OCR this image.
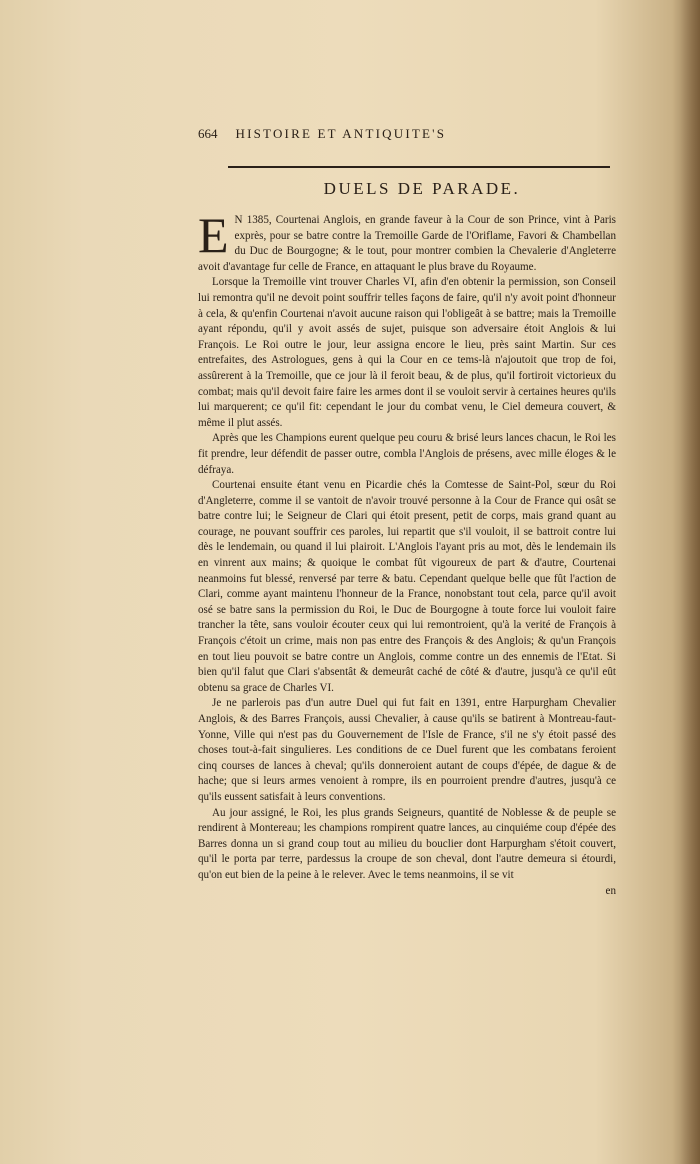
664 HISTOIRE ET ANTIQUITE'S
DUELS DE PARADE.

E N 1385, Courtenai Anglois, en grande faveur à la Cour de son Prince, vint à Paris exprès, pour se batre contre la Tremoille Garde de l'Oriflame, Favori & Chambellan du Duc de Bourgogne; & le tout, pour montrer combien la Chevalerie d'Angleterre avoit d'avantage fur celle de France, en attaquant le plus brave du Royaume.

Lorsque la Tremoille vint trouver Charles VI, afin d'en obtenir la permission, son Conseil lui remontra qu'il ne devoit point souffrir telles façons de faire, qu'il n'y avoit point d'honneur à cela, & qu'enfin Courtenai n'avoit aucune raison qui l'obligeât à se battre; mais la Tremoille ayant répondu, qu'il y avoit assés de sujet, puisque son adversaire étoit Anglois & lui François. Le Roi outre le jour, leur assigna encore le lieu, près saint Martin. Sur ces entrefaites, des Astrologues, gens à qui la Cour en ce tems-là n'ajoutoit que trop de foi, assûrerent à la Tremoille, que ce jour là il feroit beau, & de plus, qu'il fortiroit victorieux du combat; mais qu'il devoit faire faire les armes dont il se vouloit servir à certaines heures qu'ils lui marquerent; ce qu'il fit: cependant le jour du combat venu, le Ciel demeura couvert, & même il plut assés.

Après que les Champions eurent quelque peu couru & brisé leurs lances chacun, le Roi les fit prendre, leur défendit de passer outre, combla l'Anglois de présens, avec mille éloges & le défraya.

Courtenai ensuite étant venu en Picardie chés la Comtesse de Saint-Pol, sœur du Roi d'Angleterre, comme il se vantoit de n'avoir trouvé personne à la Cour de France qui osât se batre contre lui; le Seigneur de Clari qui étoit present, petit de corps, mais grand quant au courage, ne pouvant souffrir ces paroles, lui repartit que s'il vouloit, il se battroit contre lui dès le lendemain, ou quand il lui plairoit. L'Anglois l'ayant pris au mot, dès le lendemain ils en vinrent aux mains; & quoique le combat fût vigoureux de part & d'autre, Courtenai neanmoins fut blessé, renversé par terre & batu. Cependant quelque belle que fût l'action de Clari, comme ayant maintenu l'honneur de la France, nonobstant tout cela, parce qu'il avoit osé se batre sans la permission du Roi, le Duc de Bourgogne à toute force lui vouloit faire trancher la tête, sans vouloir écouter ceux qui lui remontroient, qu'à la verité de François à François c'étoit un crime, mais non pas entre des François & des Anglois; & qu'un François en tout lieu pouvoit se batre contre un Anglois, comme contre un des ennemis de l'Etat. Si bien qu'il falut que Clari s'absentât & demeurât caché de côté & d'autre, jusqu'à ce qu'il eût obtenu sa grace de Charles VI.

Je ne parlerois pas d'un autre Duel qui fut fait en 1391, entre Harpurgham Chevalier Anglois, & des Barres François, aussi Chevalier, à cause qu'ils se batirent à Montreau-faut-Yonne, Ville qui n'est pas du Gouvernement de l'Isle de France, s'il ne s'y étoit passé des choses tout-à-fait singulieres. Les conditions de ce Duel furent que les combatans feroient cinq courses de lances à cheval; qu'ils donneroient autant de coups d'épée, de dague & de hache; que si leurs armes venoient à rompre, ils en pourroient prendre d'autres, jusqu'à ce qu'ils eussent satisfait à leurs conventions.

Au jour assigné, le Roi, les plus grands Seigneurs, quantité de Noblesse & de peuple se rendirent à Montereau; les champions rompirent quatre lances, au cinquiéme coup d'épée des Barres donna un si grand coup tout au milieu du bouclier dont Harpurgham s'étoit couvert, qu'il le porta par terre, pardessus la croupe de son cheval, dont l'autre demeura si étourdi, qu'on eut bien de la peine à le relever. Avec le tems neanmoins, il se vit

en
